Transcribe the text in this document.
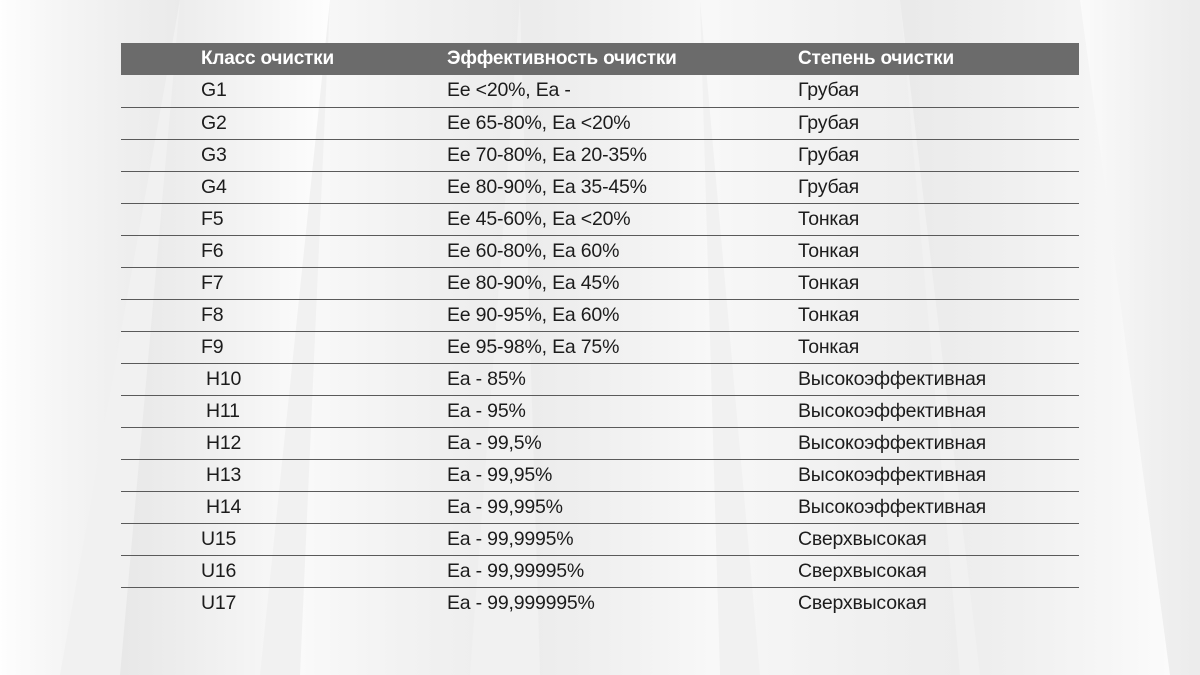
Класс очистки	Эффективность очистки	Степень очистки
G1	Ee <20%, Ea -	Грубая
G2	Ee 65-80%, Ea <20%	Грубая
G3	Ee 70-80%, Ea 20-35%	Грубая
G4	Ee 80-90%, Ea 35-45%	Грубая
F5	Ee 45-60%, Ea <20%	Тонкая
F6	Ee 60-80%, Ea 60%	Тонкая
F7	Ee 80-90%, Ea 45%	Тонкая
F8	Ee 90-95%, Ea 60%	Тонкая
F9	Ee 95-98%, Ea 75%	Тонкая
H10	Ea - 85%	Высокоэффективная
H11	Ea - 95%	Высокоэффективная
H12	Ea - 99,5%	Высокоэффективная
H13	Ea - 99,95%	Высокоэффективная
H14	Ea - 99,995%	Высокоэффективная
U15	Ea - 99,9995%	Сверхвысокая
U16	Ea - 99,99995%	Сверхвысокая
U17	Ea - 99,999995%	Сверхвысокая
